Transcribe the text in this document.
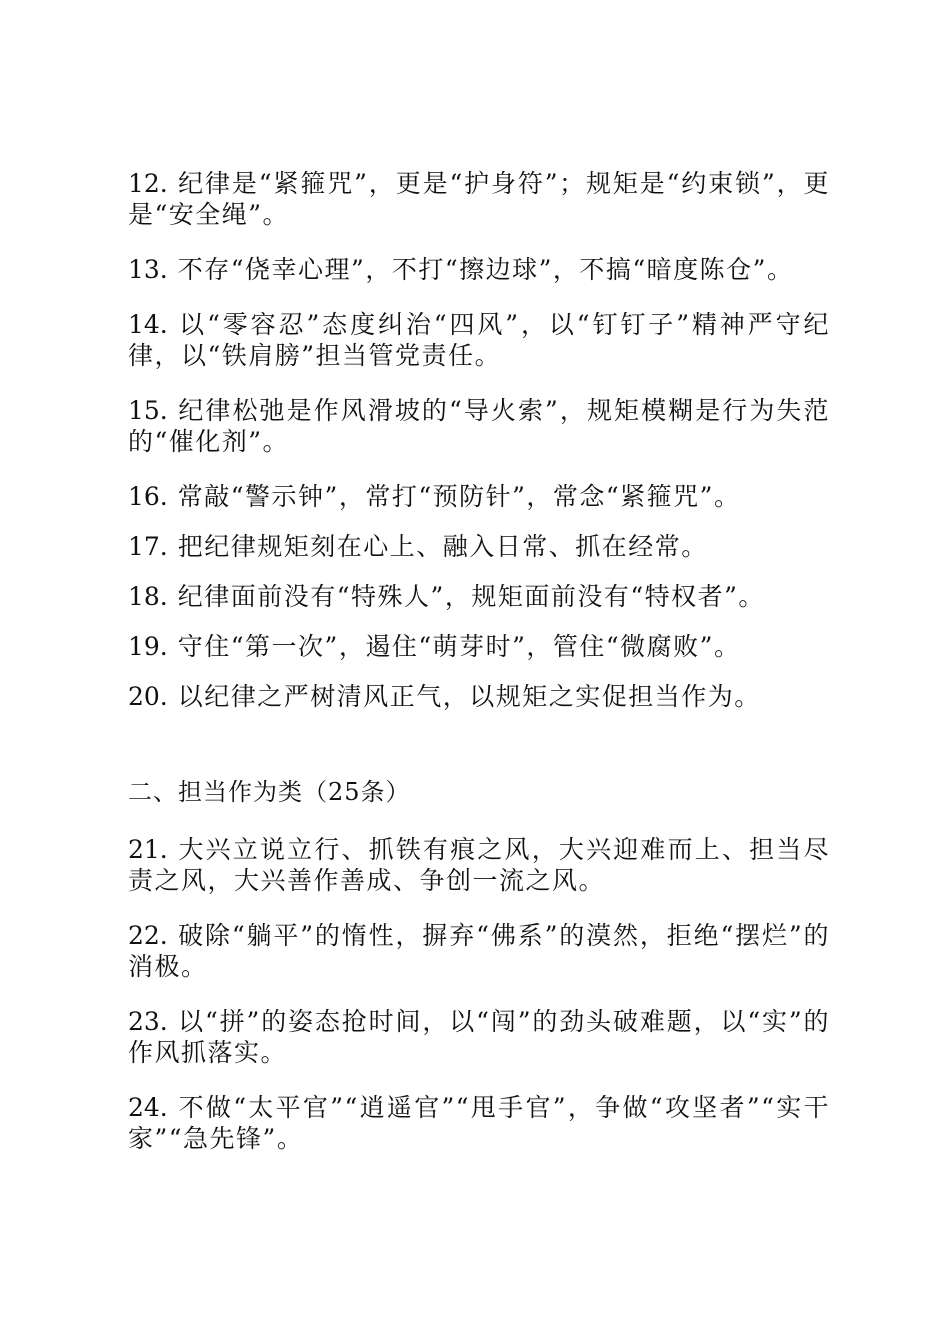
12. 纪律是“紧箍咒”，更是“护身符”；规矩是“约束锁”，更是“安全绳”。

13. 不存“侥幸心理”，不打“擦边球”，不搞“暗度陈仓”。

14. 以“零容忍”态度纠治“四风”，以“钉钉子”精神严守纪律，以“铁肩膀”担当管党责任。

15. 纪律松弛是作风滑坡的“导火索”，规矩模糊是行为失范的“催化剂”。

16. 常敲“警示钟”，常打“预防针”，常念“紧箍咒”。

17. 把纪律规矩刻在心上、融入日常、抓在经常。

18. 纪律面前没有“特殊人”，规矩面前没有“特权者”。

19. 守住“第一次”，遏住“萌芽时”，管住“微腐败”。

20. 以纪律之严树清风正气，以规矩之实促担当作为。

二、担当作为类（25条）

21. 大兴立说立行、抓铁有痕之风，大兴迎难而上、担当尽责之风，大兴善作善成、争创一流之风。

22. 破除“躺平”的惰性，摒弃“佛系”的漠然，拒绝“摆烂”的消极。

23. 以“拼”的姿态抢时间，以“闯”的劲头破难题，以“实”的作风抓落实。

24. 不做“太平官”“逍遥官”“甩手官”，争做“攻坚者”“实干家”“急先锋”。
